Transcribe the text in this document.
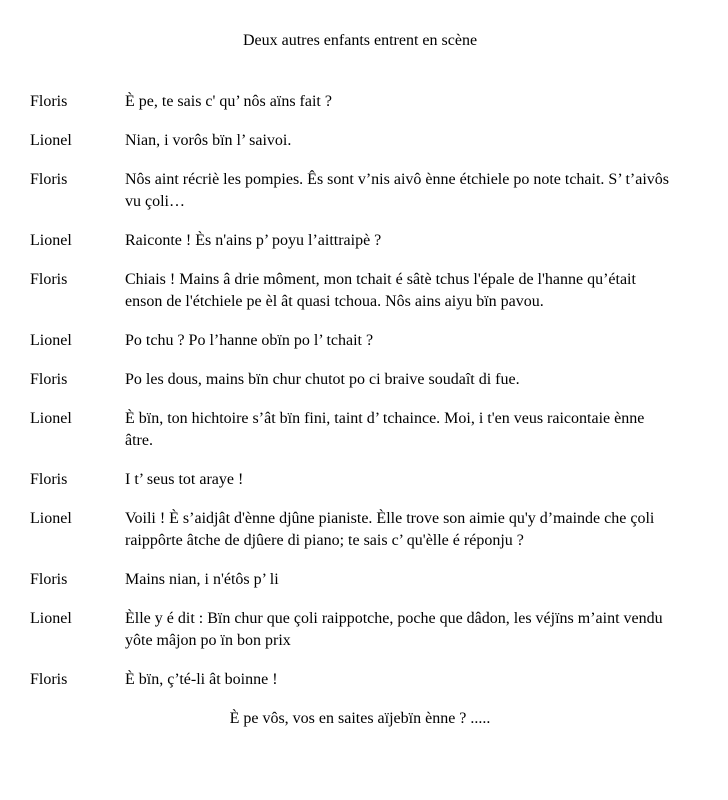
Deux autres enfants entrent en scène
Floris	È pe, te sais c' qu’ nôs aïns fait ?
Lionel	Nian, i vorôs bïn l’ saivoi.
Floris	Nôs aint récriè les pompies. Ês sont v’nis aivô ènne étchiele po note tchait. S’ t’aivôs vu çoli…
Lionel	Raiconte ! Ès n'ains p’ poyu l’aittraipè ?
Floris	Chiais ! Mains â drie môment, mon tchait é sâtè tchus l'épale de l'hanne qu’était enson de l'étchiele pe èl ât quasi tchoua. Nôs ains aiyu bïn pavou.
Lionel	Po tchu ? Po l’hanne obïn po l’ tchait ?
Floris	Po les dous, mains bïn chur chutot po ci braive soudaît di fue.
Lionel	È bïn, ton hichtoire s’ât bïn fini, taint d’ tchaince. Moi, i t'en veus raicontaie ènne âtre.
Floris	I t’ seus tot araye !
Lionel	Voili ! È s’aidjât d'ènne djûne pianiste. Èlle trove son aimie qu'y d’mainde che çoli raippôrte âtche de djûere di piano; te sais c’ qu'èlle é réponju ?
Floris	Mains nian, i n'étôs p’ li
Lionel	Èlle y é dit : Bïn chur que çoli raippotche, poche que dâdon, les véjïns m’aint vendu yôte mâjon po ïn bon prix
Floris	È bïn, ç’té-li ât boinne !
È pe vôs, vos en saites aïjebïn ènne ? .....
